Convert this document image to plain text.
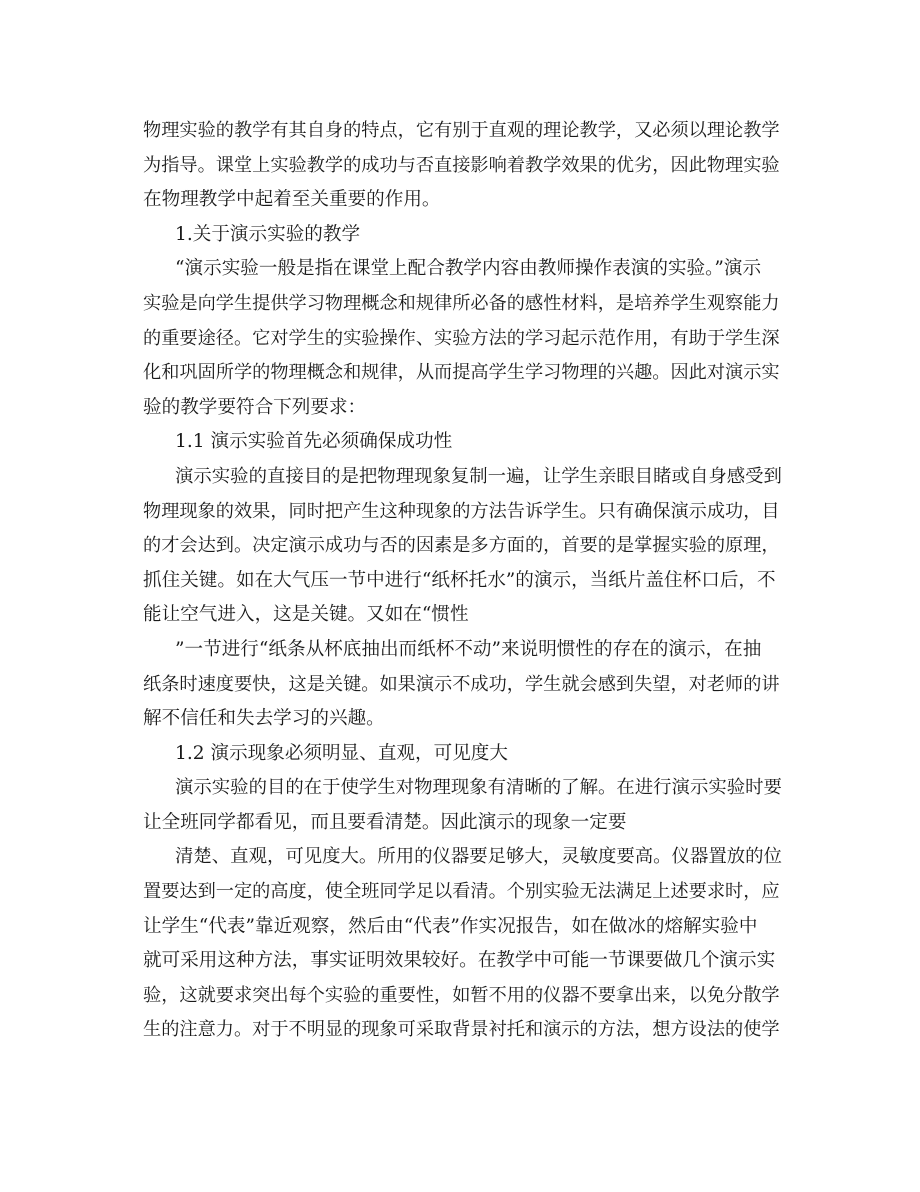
物理实验的教学有其自身的特点，它有别于直观的理论教学，又必须以理论教学
为指导。课堂上实验教学的成功与否直接影响着教学效果的优劣，因此物理实验
在物理教学中起着至关重要的作用。
1.关于演示实验的教学
“演示实验一般是指在课堂上配合教学内容由教师操作表演的实验。”演示
实验是向学生提供学习物理概念和规律所必备的感性材料，是培养学生观察能力
的重要途径。它对学生的实验操作、实验方法的学习起示范作用，有助于学生深
化和巩固所学的物理概念和规律，从而提高学生学习物理的兴趣。因此对演示实
验的教学要符合下列要求：
1.1 演示实验首先必须确保成功性
演示实验的直接目的是把物理现象复制一遍，让学生亲眼目睹或自身感受到
物理现象的效果，同时把产生这种现象的方法告诉学生。只有确保演示成功，目
的才会达到。决定演示成功与否的因素是多方面的，首要的是掌握实验的原理，
抓住关键。如在大气压一节中进行“纸杯托水”的演示，当纸片盖住杯口后，不
能让空气进入，这是关键。又如在“惯性
”一节进行“纸条从杯底抽出而纸杯不动”来说明惯性的存在的演示，在抽
纸条时速度要快，这是关键。如果演示不成功，学生就会感到失望，对老师的讲
解不信任和失去学习的兴趣。
1.2 演示现象必须明显、直观，可见度大
演示实验的目的在于使学生对物理现象有清晰的了解。在进行演示实验时要
让全班同学都看见，而且要看清楚。因此演示的现象一定要
清楚、直观，可见度大。所用的仪器要足够大，灵敏度要高。仪器置放的位
置要达到一定的高度，使全班同学足以看清。个别实验无法满足上述要求时，应
让学生“代表”靠近观察，然后由“代表”作实况报告，如在做冰的熔解实验中
就可采用这种方法，事实证明效果较好。在教学中可能一节课要做几个演示实
验，这就要求突出每个实验的重要性，如暂不用的仪器不要拿出来，以免分散学
生的注意力。对于不明显的现象可采取背景衬托和演示的方法，想方设法的使学
